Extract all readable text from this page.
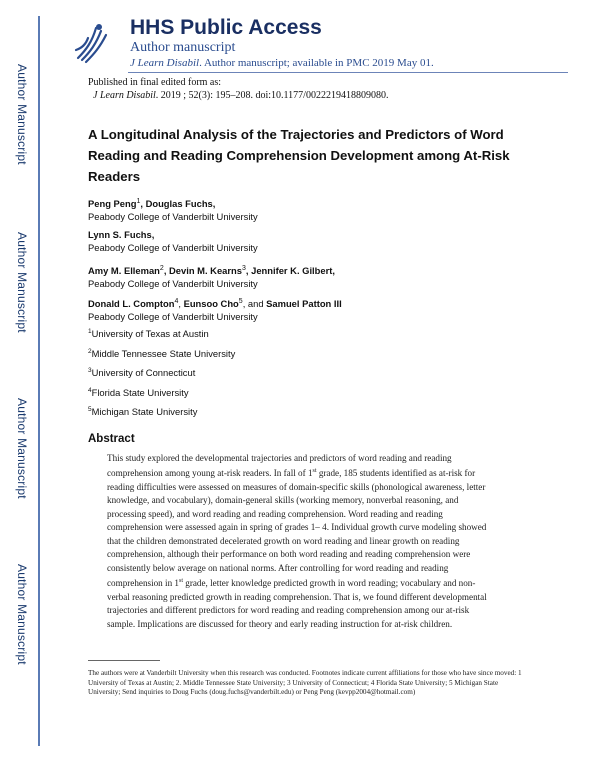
Author Manuscript
Author Manuscript
Author Manuscript
Author Manuscript
HHS Public Access
Author manuscript
J Learn Disabil. Author manuscript; available in PMC 2019 May 01.
Published in final edited form as:
J Learn Disabil. 2019 ; 52(3): 195–208. doi:10.1177/0022219418809080.
A Longitudinal Analysis of the Trajectories and Predictors of Word Reading and Reading Comprehension Development among At-Risk Readers
Peng Peng$^1$, Douglas Fuchs,
Peabody College of Vanderbilt University
Lynn S. Fuchs,
Peabody College of Vanderbilt University
Amy M. Elleman$^2$, Devin M. Kearns$^3$, Jennifer K. Gilbert,
Peabody College of Vanderbilt University
Donald L. Compton$^4$, Eunsoo Cho$^5$, and Samuel Patton III
Peabody College of Vanderbilt University
$^1$University of Texas at Austin
$^2$Middle Tennessee State University
$^3$University of Connecticut
$^4$Florida State University
$^5$Michigan State University
Abstract
This study explored the developmental trajectories and predictors of word reading and reading comprehension among young at-risk readers. In fall of 1st grade, 185 students identified as at-risk for reading difficulties were assessed on measures of domain-specific skills (phonological awareness, letter knowledge, and vocabulary), domain-general skills (working memory, nonverbal reasoning, and processing speed), and word reading and reading comprehension. Word reading and reading comprehension were assessed again in spring of grades 1– 4. Individual growth curve modeling showed that the children demonstrated decelerated growth on word reading and linear growth on reading comprehension, although their performance on both word reading and reading comprehension were consistently below average on national norms. After controlling for word reading and reading comprehension in 1st grade, letter knowledge predicted growth in word reading; vocabulary and non-verbal reasoning predicted growth in reading comprehension. That is, we found different developmental trajectories and different predictors for word reading and reading comprehension among our at-risk sample. Implications are discussed for theory and early reading instruction for at-risk children.
The authors were at Vanderbilt University when this research was conducted. Footnotes indicate current affiliations for those who have since moved: 1 University of Texas at Austin; 2. Middle Tennessee State University; 3 University of Connecticut; 4 Florida State University; 5 Michigan State University; Send inquiries to Doug Fuchs (doug.fuchs@vanderbilt.edu) or Peng Peng (kevpp2004@hotmail.com)
